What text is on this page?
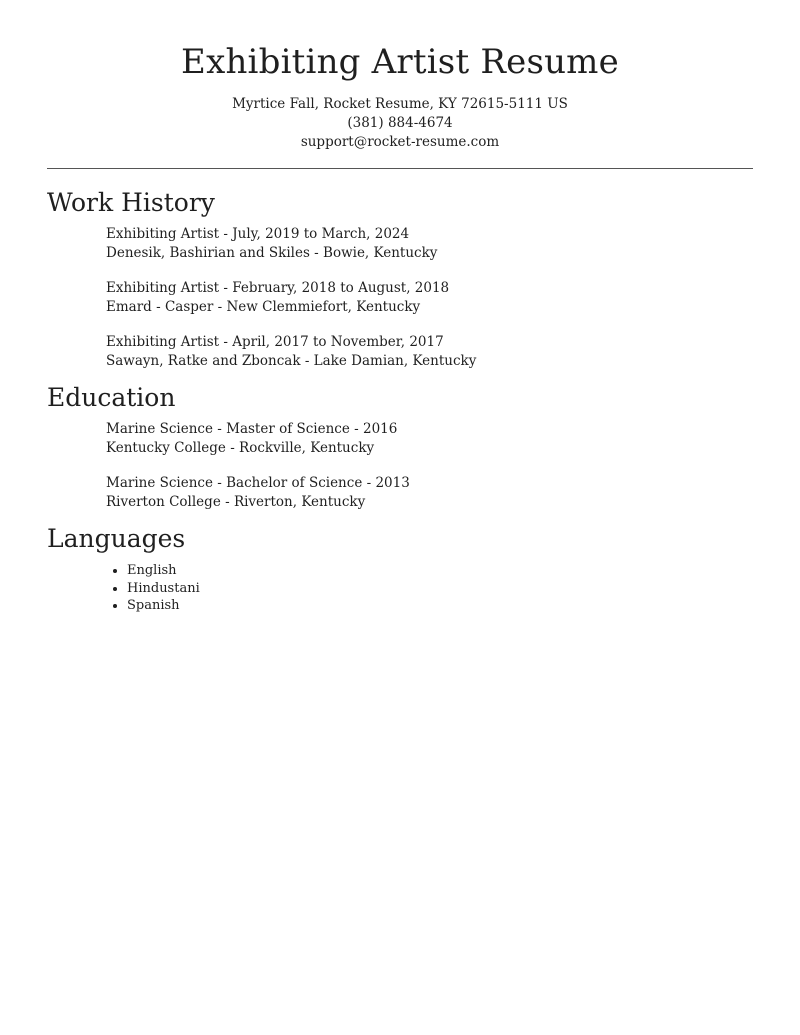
Exhibiting Artist Resume
Myrtice Fall, Rocket Resume, KY 72615-5111 US
(381) 884-4674
support@rocket-resume.com
Work History
Exhibiting Artist - July, 2019 to March, 2024
Denesik, Bashirian and Skiles - Bowie, Kentucky
Exhibiting Artist - February, 2018 to August, 2018
Emard - Casper - New Clemmiefort, Kentucky
Exhibiting Artist - April, 2017 to November, 2017
Sawayn, Ratke and Zboncak - Lake Damian, Kentucky
Education
Marine Science - Master of Science - 2016
Kentucky College - Rockville, Kentucky
Marine Science - Bachelor of Science - 2013
Riverton College - Riverton, Kentucky
Languages
• English
• Hindustani
• Spanish
